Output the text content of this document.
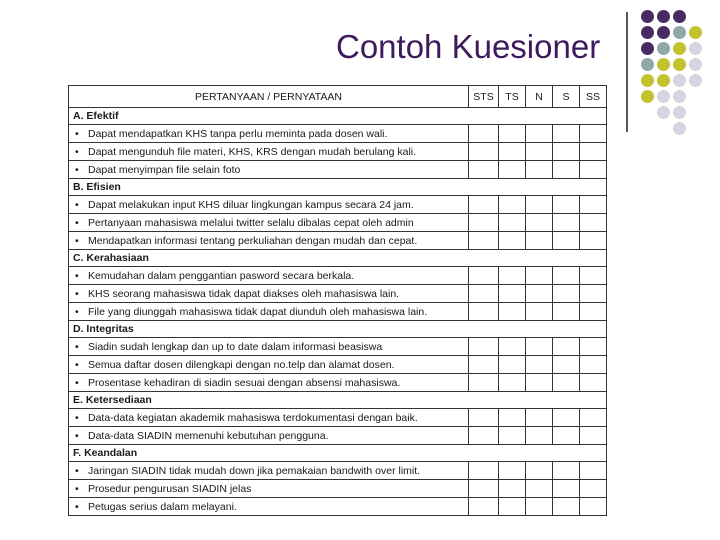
Contoh Kuesioner
PERTANYAAN / PERNYATAAN	STS	TS	N	S	SS
A. Efektif					
• Dapat mendapatkan KHS tanpa perlu meminta pada dosen wali.					
• Dapat mengunduh file materi, KHS, KRS dengan mudah berulang kali.					
• Dapat menyimpan file selain foto					
B. Efisien					
• Dapat melakukan input KHS diluar lingkungan kampus secara 24 jam.					
• Pertanyaan mahasiswa melalui twitter selalu dibalas cepat oleh admin					
• Mendapatkan informasi tentang perkuliahan dengan mudah dan cepat.					
C. Kerahasiaan					
• Kemudahan dalam penggantian pasword secara berkala.					
• KHS seorang mahasiswa tidak dapat diakses oleh mahasiswa lain.					
• File yang diunggah mahasiswa tidak dapat diunduh oleh mahasiswa lain.					
D. Integritas					
• Siadin sudah lengkap dan up to date dalam informasi beasiswa					
• Semua daftar dosen dilengkapi dengan no.telp dan alamat dosen.					
• Prosentase kehadiran di siadin sesuai dengan absensi mahasiswa.					
E. Ketersediaan					
• Data-data kegiatan akademik mahasiswa terdokumentasi dengan baik.					
• Data-data SIADIN memenuhi kebutuhan pengguna.					
F. Keandalan					
• Jaringan SIADIN tidak mudah down jika pemakaian bandwith over limit.					
• Prosedur pengurusan SIADIN jelas					
• Petugas serius dalam melayani.					
